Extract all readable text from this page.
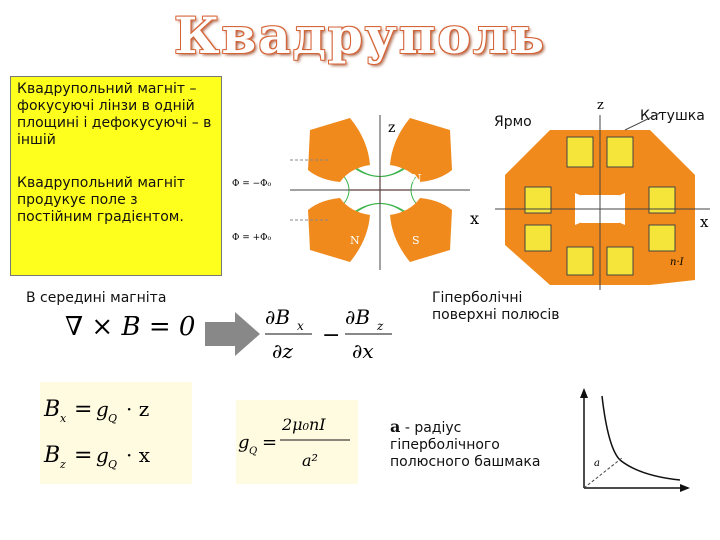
Квадруполь

Квадрупольний магніт – фокусуючі лінзи в одній площині і дефокусуючі – в іншій

Квадрупольний магніт продукує поле з постійним градієнтом.

В середині магніта
Ярмо	Катушка
Гіперболічні поверхні полюсів
a - радіус гіперболічного полюсного башмака
z
x
Φ = −Φ₀
Φ = +Φ₀
S	N
N	S
z
x
n·I
∇ × B = 0	∂B x
∂z
−
∂B z
∂x
B x = g Q · z
B z = g Q · x
g Q =
2μ₀nI
a²	a
